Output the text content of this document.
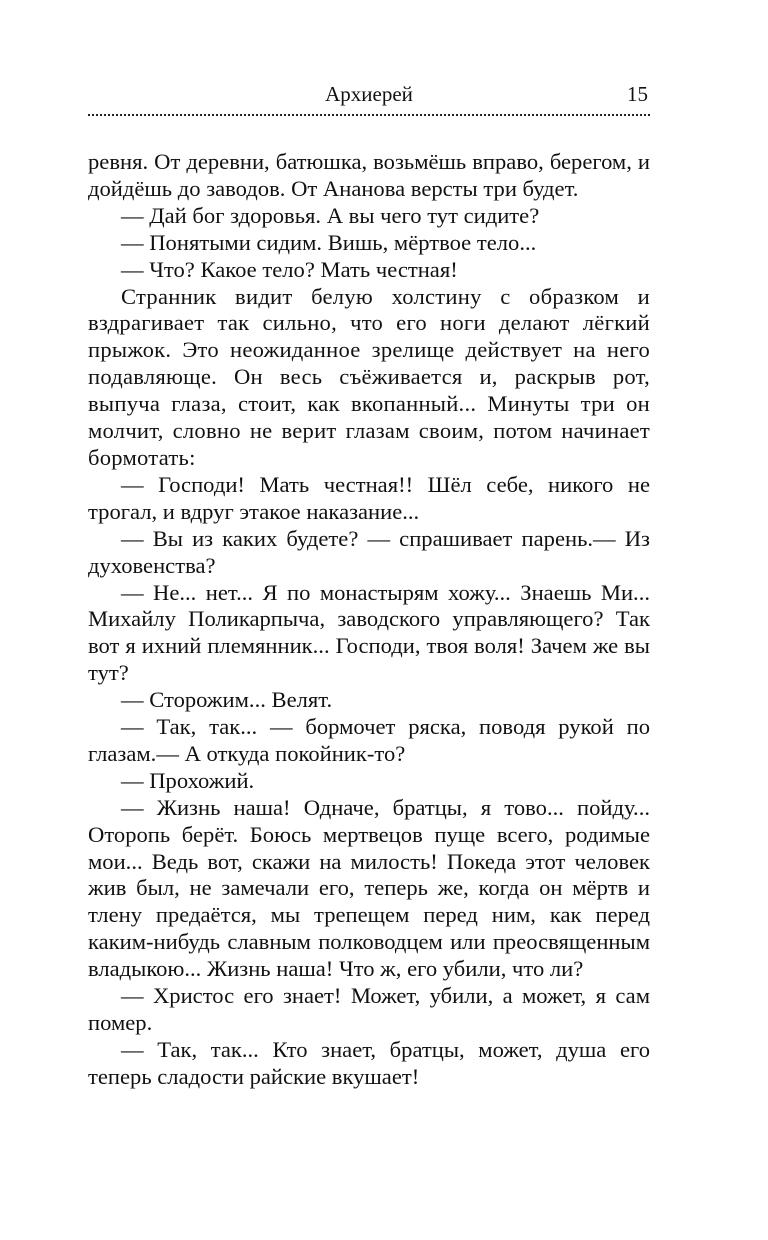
Архиерей	15

ревня. От деревни, батюшка, возьмёшь вправо, берегом, и дойдёшь до заводов. От Ананова версты три будет.

— Дай бог здоровья. А вы чего тут сидите?

— Понятыми сидим. Вишь, мёртвое тело...

— Что? Какое тело? Мать честная!

Странник видит белую холстину с образком и вздрагивает так сильно, что его ноги делают лёгкий прыжок. Это неожиданное зрелище действует на него подавляюще. Он весь съёживается и, раскрыв рот, выпуча глаза, стоит, как вкопанный... Минуты три он молчит, словно не верит глазам своим, потом начинает бормотать:

— Господи! Мать честная!! Шёл себе, никого не трогал, и вдруг этакое наказание...

— Вы из каких будете? — спрашивает парень.— Из духовенства?

— Не... нет... Я по монастырям хожу... Знаешь Ми... Михайлу Поликарпыча, заводского управляющего? Так вот я ихний племянник... Господи, твоя воля! Зачем же вы тут?

— Сторожим... Велят.

— Так, так... — бормочет ряска, поводя рукой по глазам.— А откуда покойник-то?

— Прохожий.

— Жизнь наша! Одначе, братцы, я тово... пойду... Оторопь берёт. Боюсь мертвецов пуще всего, родимые мои... Ведь вот, скажи на милость! Покеда этот человек жив был, не замечали его, теперь же, когда он мёртв и тлену предаётся, мы трепещем перед ним, как перед каким-нибудь славным полководцем или преосвященным владыкою... Жизнь наша! Что ж, его убили, что ли?

— Христос его знает! Может, убили, а может, я сам помер.

— Так, так... Кто знает, братцы, может, душа его теперь сладости райские вкушает!
